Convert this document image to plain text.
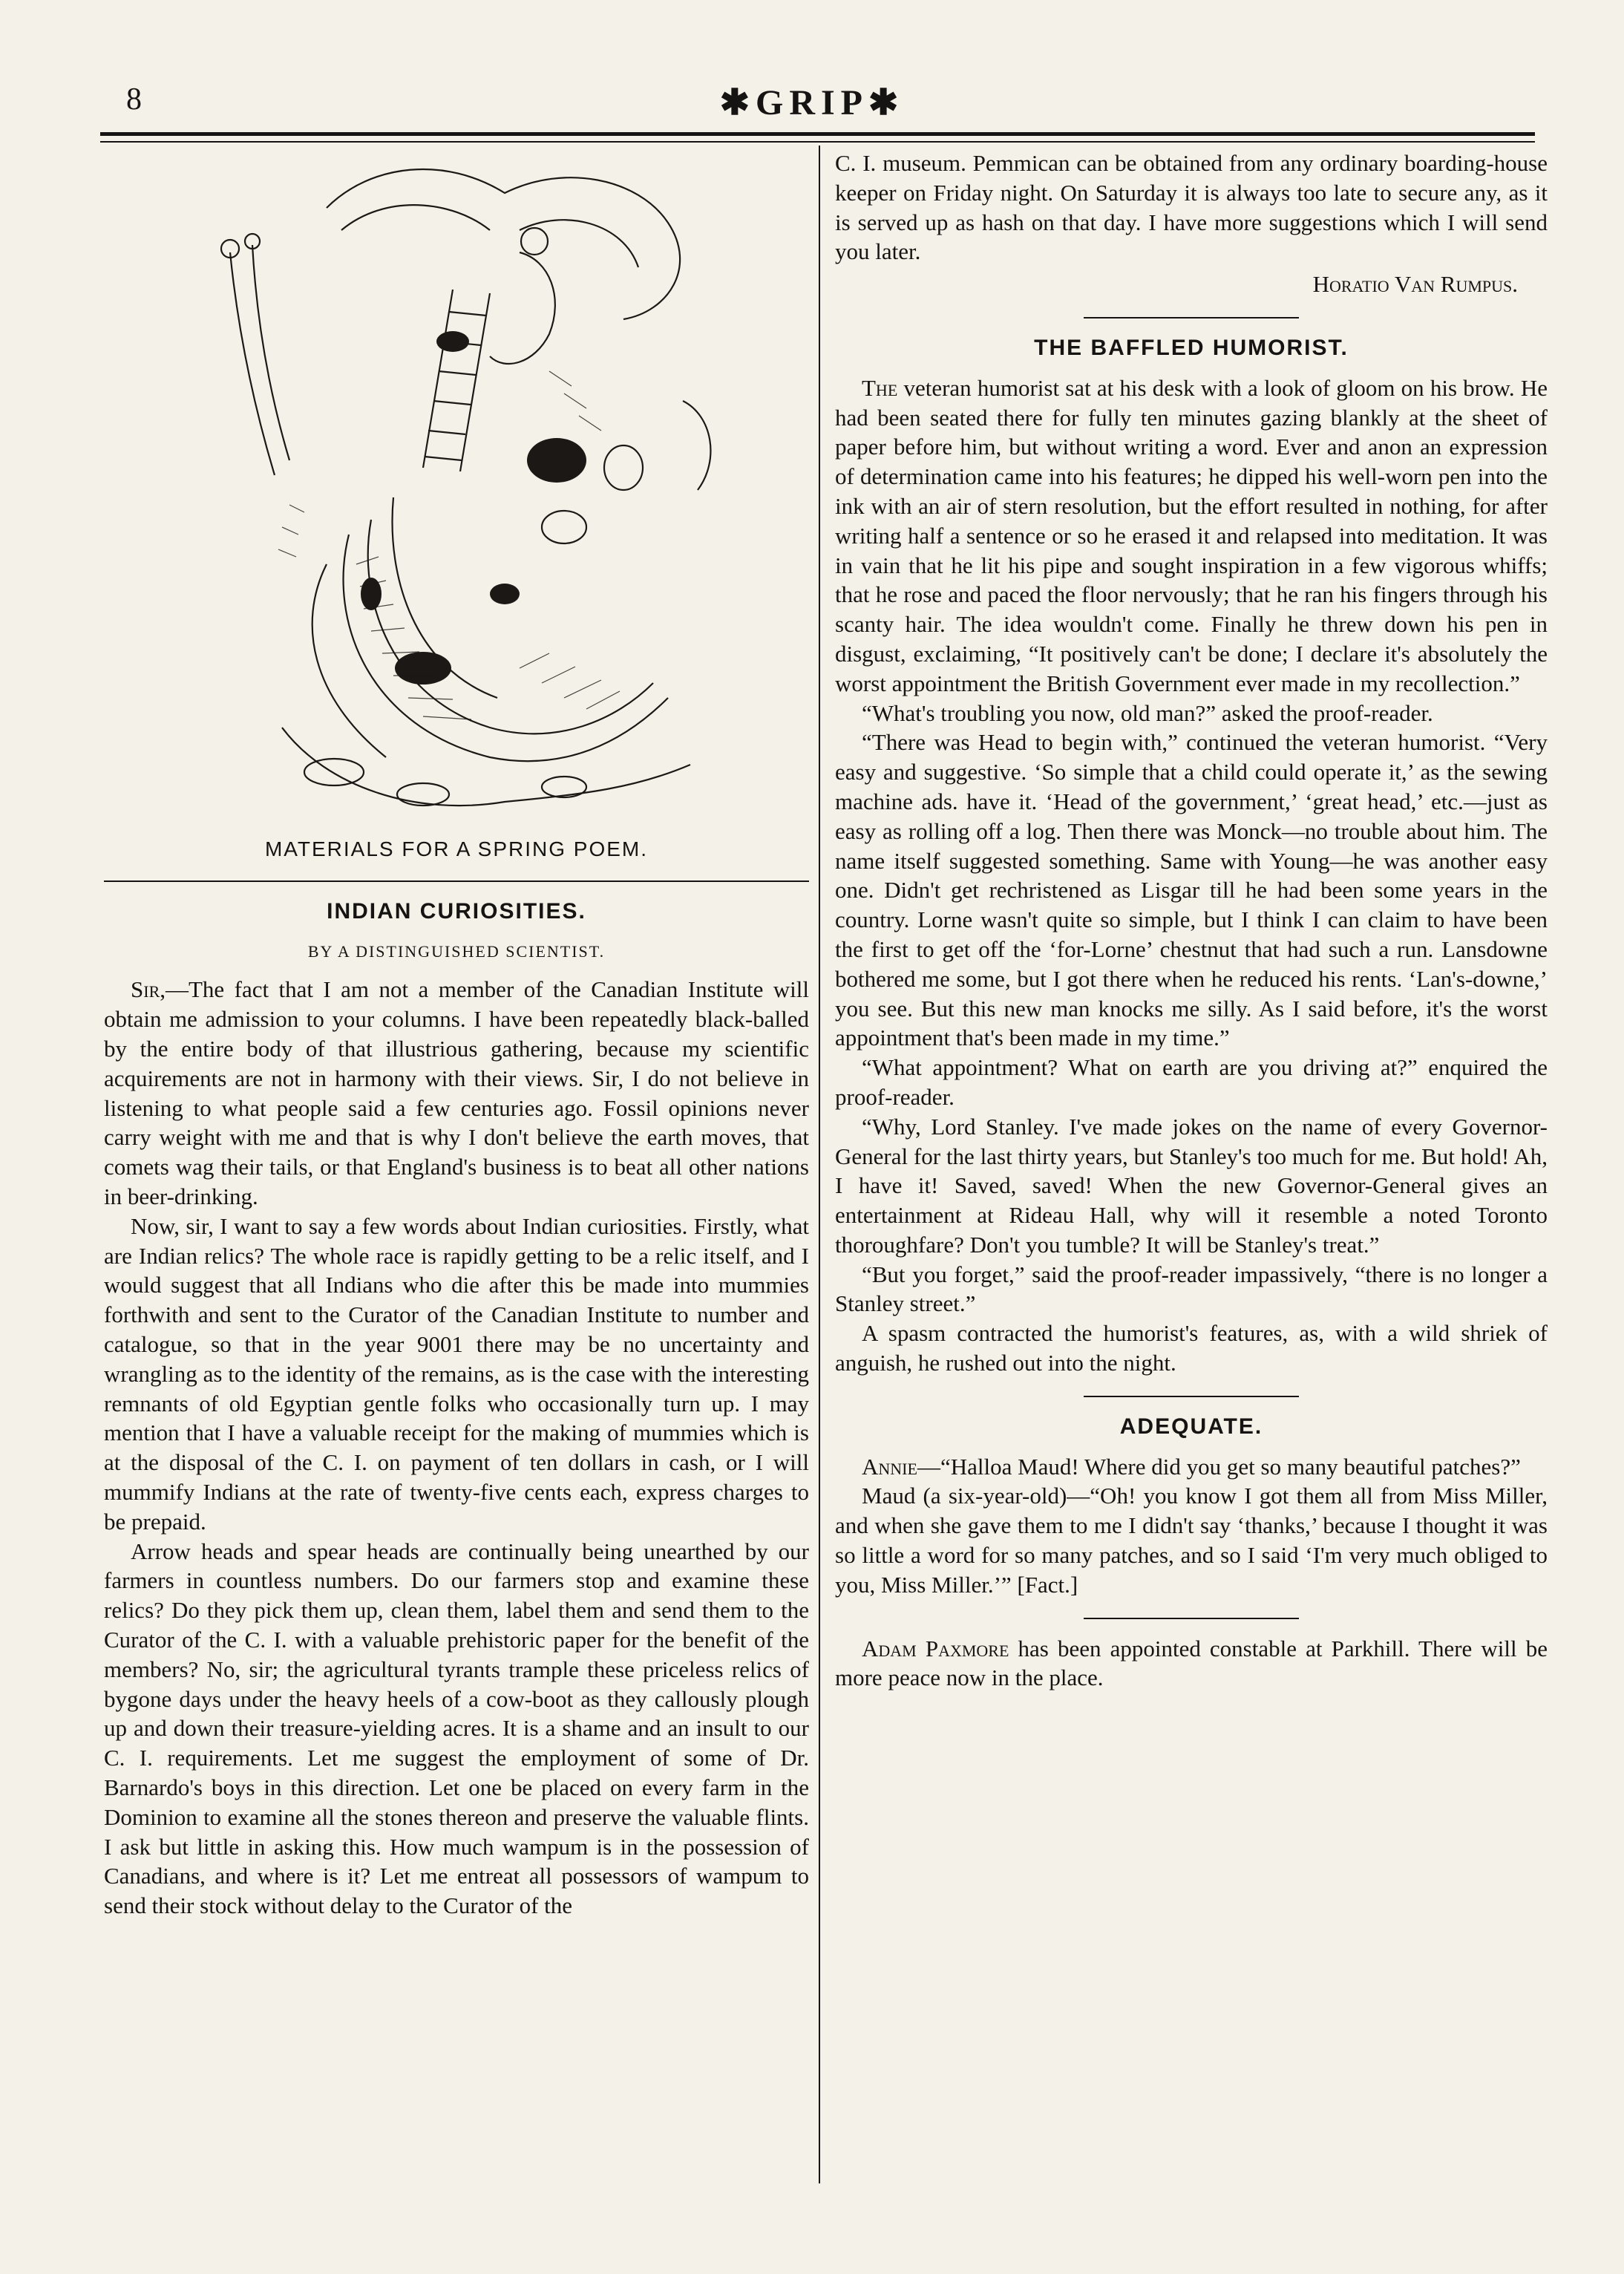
8	✱GRIP✱
MATERIALS FOR A SPRING POEM.
INDIAN CURIOSITIES.
BY A DISTINGUISHED SCIENTIST.

Sir,—The fact that I am not a member of the Canadian Institute will obtain me admission to your columns. I have been repeatedly black-balled by the entire body of that illustrious gathering, because my scientific acquirements are not in harmony with their views. Sir, I do not believe in listening to what people said a few centuries ago. Fossil opinions never carry weight with me and that is why I don't believe the earth moves, that comets wag their tails, or that England's business is to beat all other nations in beer-drinking.

Now, sir, I want to say a few words about Indian curiosities. Firstly, what are Indian relics? The whole race is rapidly getting to be a relic itself, and I would suggest that all Indians who die after this be made into mummies forthwith and sent to the Curator of the Canadian Institute to number and catalogue, so that in the year 9001 there may be no uncertainty and wrangling as to the identity of the remains, as is the case with the interesting remnants of old Egyptian gentle folks who occasionally turn up. I may mention that I have a valuable receipt for the making of mummies which is at the disposal of the C. I. on payment of ten dollars in cash, or I will mummify Indians at the rate of twenty-five cents each, express charges to be prepaid.

Arrow heads and spear heads are continually being unearthed by our farmers in countless numbers. Do our farmers stop and examine these relics? Do they pick them up, clean them, label them and send them to the Curator of the C. I. with a valuable prehistoric paper for the benefit of the members? No, sir; the agricultural tyrants trample these priceless relics of bygone days under the heavy heels of a cow-boot as they callously plough up and down their treasure-yielding acres. It is a shame and an insult to our C. I. requirements. Let me suggest the employment of some of Dr. Barnardo's boys in this direction. Let one be placed on every farm in the Dominion to examine all the stones thereon and preserve the valuable flints. I ask but little in asking this. How much wampum is in the possession of Canadians, and where is it? Let me entreat all possessors of wampum to send their stock without delay to the Curator of the

C. I. museum. Pemmican can be obtained from any ordinary boarding-house keeper on Friday night. On Saturday it is always too late to secure any, as it is served up as hash on that day. I have more suggestions which I will send you later.

Horatio Van Rumpus.
THE BAFFLED HUMORIST.

The veteran humorist sat at his desk with a look of gloom on his brow. He had been seated there for fully ten minutes gazing blankly at the sheet of paper before him, but without writing a word. Ever and anon an expression of determination came into his features; he dipped his well-worn pen into the ink with an air of stern resolution, but the effort resulted in nothing, for after writing half a sentence or so he erased it and relapsed into meditation. It was in vain that he lit his pipe and sought inspiration in a few vigorous whiffs; that he rose and paced the floor nervously; that he ran his fingers through his scanty hair. The idea wouldn't come. Finally he threw down his pen in disgust, exclaiming, “It positively can't be done; I declare it's absolutely the worst appointment the British Government ever made in my recollection.”

“What's troubling you now, old man?” asked the proof-reader.

“There was Head to begin with,” continued the veteran humorist. “Very easy and suggestive. ‘So simple that a child could operate it,’ as the sewing machine ads. have it. ‘Head of the government,’ ‘great head,’ etc.—just as easy as rolling off a log. Then there was Monck—no trouble about him. The name itself suggested something. Same with Young—he was another easy one. Didn't get rechristened as Lisgar till he had been some years in the country. Lorne wasn't quite so simple, but I think I can claim to have been the first to get off the ‘for-Lorne’ chestnut that had such a run. Lansdowne bothered me some, but I got there when he reduced his rents. ‘Lan's-downe,’ you see. But this new man knocks me silly. As I said before, it's the worst appointment that's been made in my time.”

“What appointment? What on earth are you driving at?” enquired the proof-reader.

“Why, Lord Stanley. I've made jokes on the name of every Governor-General for the last thirty years, but Stanley's too much for me. But hold! Ah, I have it! Saved, saved! When the new Governor-General gives an entertainment at Rideau Hall, why will it resemble a noted Toronto thoroughfare? Don't you tumble? It will be Stanley's treat.”

“But you forget,” said the proof-reader impassively, “there is no longer a Stanley street.”

A spasm contracted the humorist's features, as, with a wild shriek of anguish, he rushed out into the night.

ADEQUATE.

Annie—“Halloa Maud! Where did you get so many beautiful patches?”

Maud (a six-year-old)—“Oh! you know I got them all from Miss Miller, and when she gave them to me I didn't say ‘thanks,’ because I thought it was so little a word for so many patches, and so I said ‘I'm very much obliged to you, Miss Miller.’” [Fact.]

Adam Paxmore has been appointed constable at Parkhill. There will be more peace now in the place.
